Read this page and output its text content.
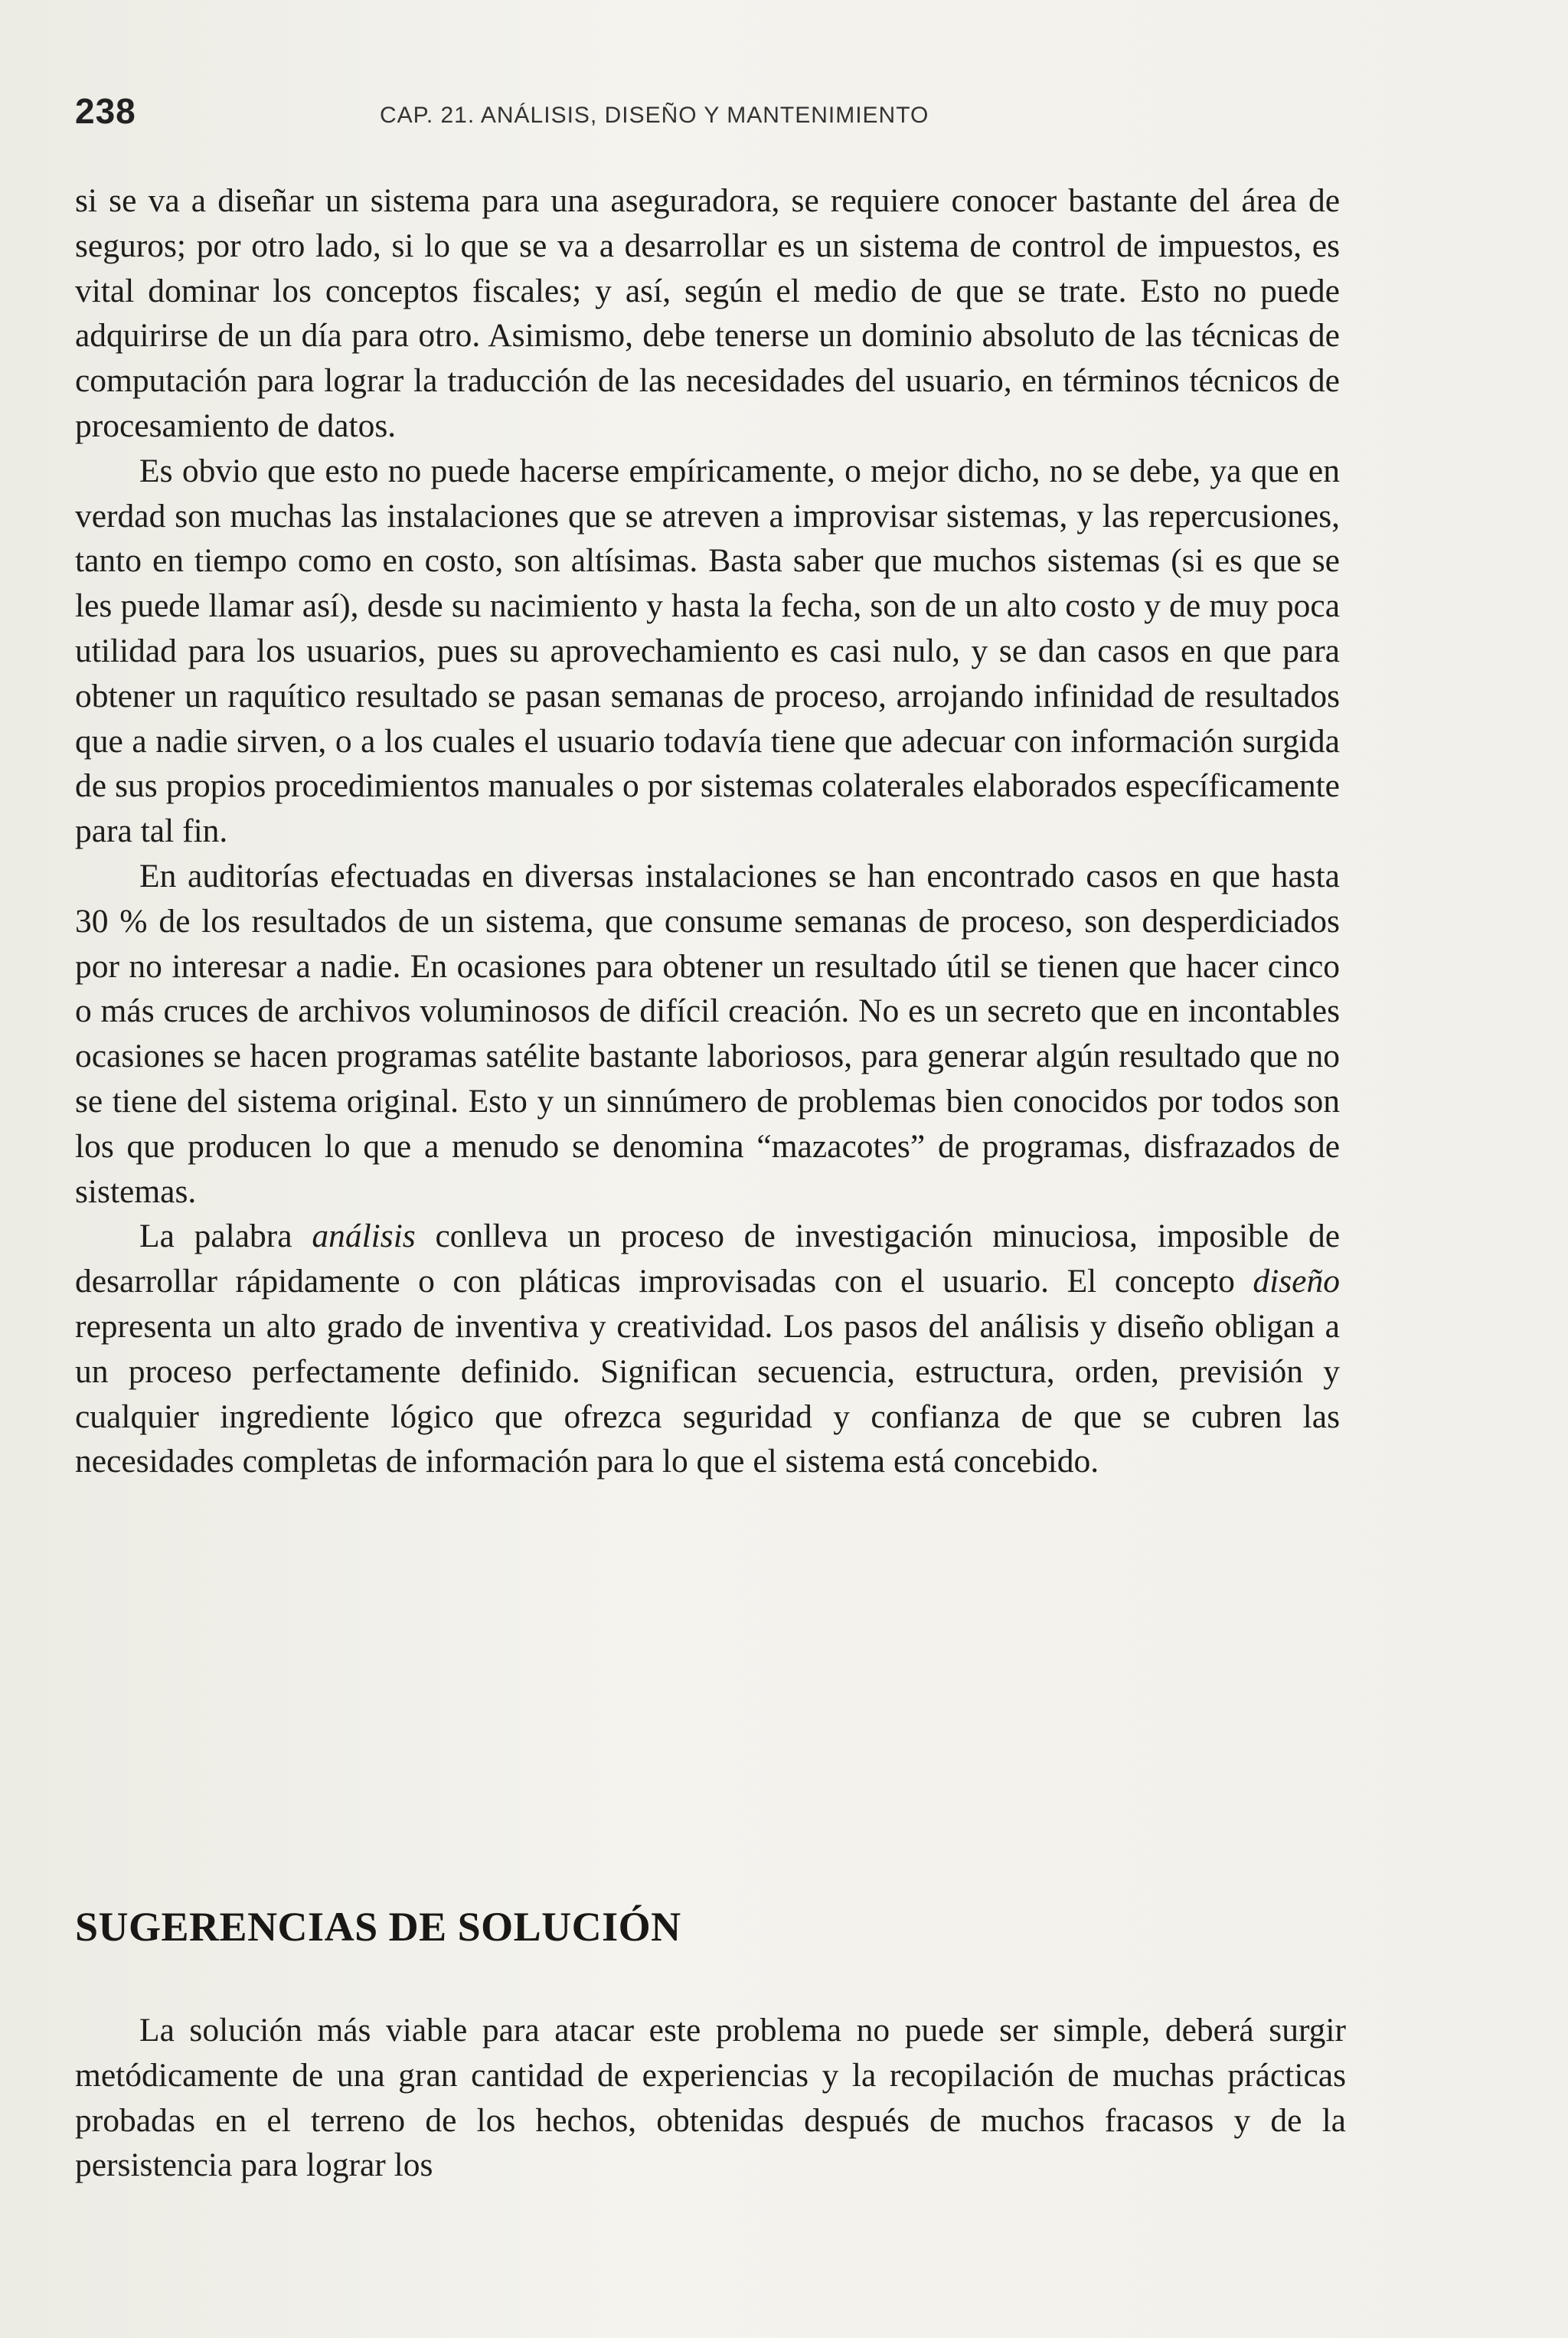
238	CAP. 21. ANÁLISIS, DISEÑO Y MANTENIMIENTO

si se va a diseñar un sistema para una aseguradora, se requiere conocer bastante del área de seguros; por otro lado, si lo que se va a desarrollar es un sistema de control de impuestos, es vital dominar los conceptos fiscales; y así, según el medio de que se trate. Esto no puede adquirirse de un día para otro. Asimismo, debe tenerse un dominio absoluto de las técnicas de computación para lograr la traducción de las necesidades del usuario, en términos técnicos de procesamiento de datos.

Es obvio que esto no puede hacerse empíricamente, o mejor dicho, no se debe, ya que en verdad son muchas las instalaciones que se atreven a improvisar sistemas, y las repercusiones, tanto en tiempo como en costo, son altísimas. Basta saber que muchos sistemas (si es que se les puede llamar así), desde su nacimiento y hasta la fecha, son de un alto costo y de muy poca utilidad para los usuarios, pues su aprovechamiento es casi nulo, y se dan casos en que para obtener un raquítico resultado se pasan semanas de proceso, arrojando infinidad de resultados que a nadie sirven, o a los cuales el usuario todavía tiene que adecuar con información surgida de sus propios procedimientos manuales o por sistemas colaterales elaborados específicamente para tal fin.

En auditorías efectuadas en diversas instalaciones se han encontrado casos en que hasta 30 % de los resultados de un sistema, que consume semanas de proceso, son desperdiciados por no interesar a nadie. En ocasiones para obtener un resultado útil se tienen que hacer cinco o más cruces de archivos voluminosos de difícil creación. No es un secreto que en incontables ocasiones se hacen programas satélite bastante laboriosos, para generar algún resultado que no se tiene del sistema original. Esto y un sinnúmero de problemas bien conocidos por todos son los que producen lo que a menudo se denomina “mazacotes” de programas, disfrazados de sistemas.

La palabra análisis conlleva un proceso de investigación minuciosa, imposible de desarrollar rápidamente o con pláticas improvisadas con el usuario. El concepto diseño representa un alto grado de inventiva y creatividad. Los pasos del análisis y diseño obligan a un proceso perfectamente definido. Significan secuencia, estructura, orden, previsión y cualquier ingrediente lógico que ofrezca seguridad y confianza de que se cubren las necesidades completas de información para lo que el sistema está concebido.

SUGERENCIAS DE SOLUCIÓN

La solución más viable para atacar este problema no puede ser simple, deberá surgir metódicamente de una gran cantidad de experiencias y la recopilación de muchas prácticas probadas en el terreno de los hechos, obtenidas después de muchos fracasos y de la persistencia para lograr los
